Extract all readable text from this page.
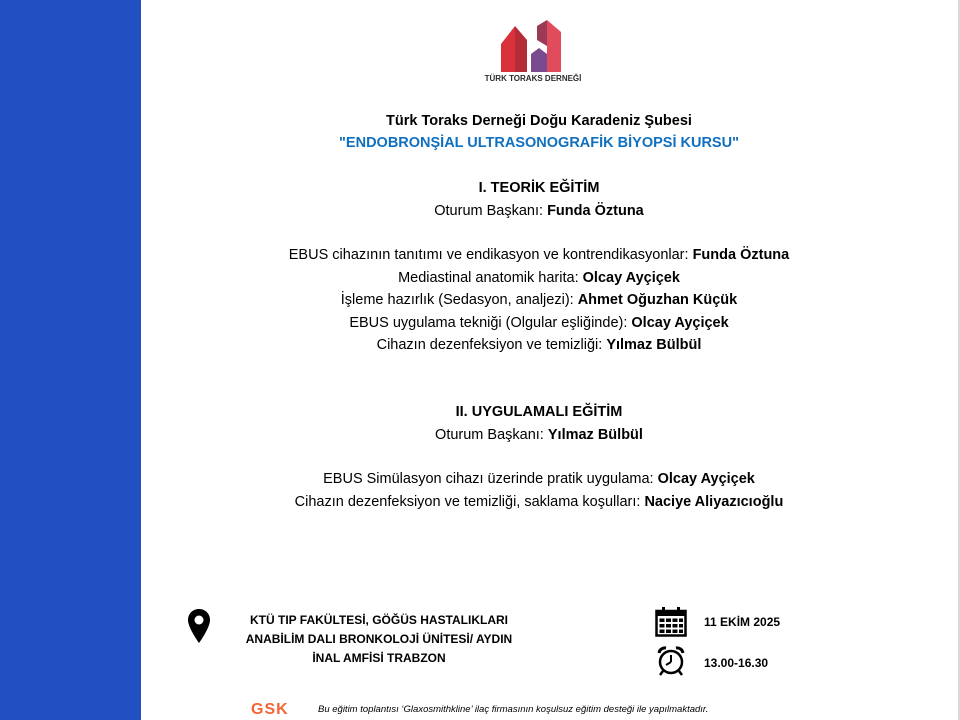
TÜRK TORAKS DERNEĞİ
Türk Toraks Derneği Doğu Karadeniz Şubesi
"ENDOBRONŞİAL ULTRASONOGRAFİK BİYOPSİ KURSU"
I. TEORİK EĞİTİM
Oturum Başkanı: Funda Öztuna
EBUS cihazının tanıtımı ve endikasyon ve kontrendikasyonlar: Funda Öztuna
Mediastinal anatomik harita: Olcay Ayçiçek
İşleme hazırlık (Sedasyon, analjezi): Ahmet Oğuzhan Küçük
EBUS uygulama tekniği (Olgular eşliğinde): Olcay Ayçiçek
Cihazın dezenfeksiyon ve temizliği: Yılmaz Bülbül
II. UYGULAMALI EĞİTİM
Oturum Başkanı: Yılmaz Bülbül
EBUS Simülasyon cihazı üzerinde pratik uygulama: Olcay Ayçiçek
Cihazın dezenfeksiyon ve temizliği, saklama koşulları: Naciye Aliyazıcıoğlu
KTÜ TIP FAKÜLTESİ, GÖĞÜS HASTALIKLARI
ANABİLİM DALI BRONKOLOJİ ÜNİTESİ/ AYDIN
İNAL AMFİSİ TRABZON
11 EKİM 2025
13.00-16.30
GSK	Bu eğitim toplantısı ‘Glaxosmithkline’ ilaç firmasının koşulsuz eğitim desteği ile yapılmaktadır.
